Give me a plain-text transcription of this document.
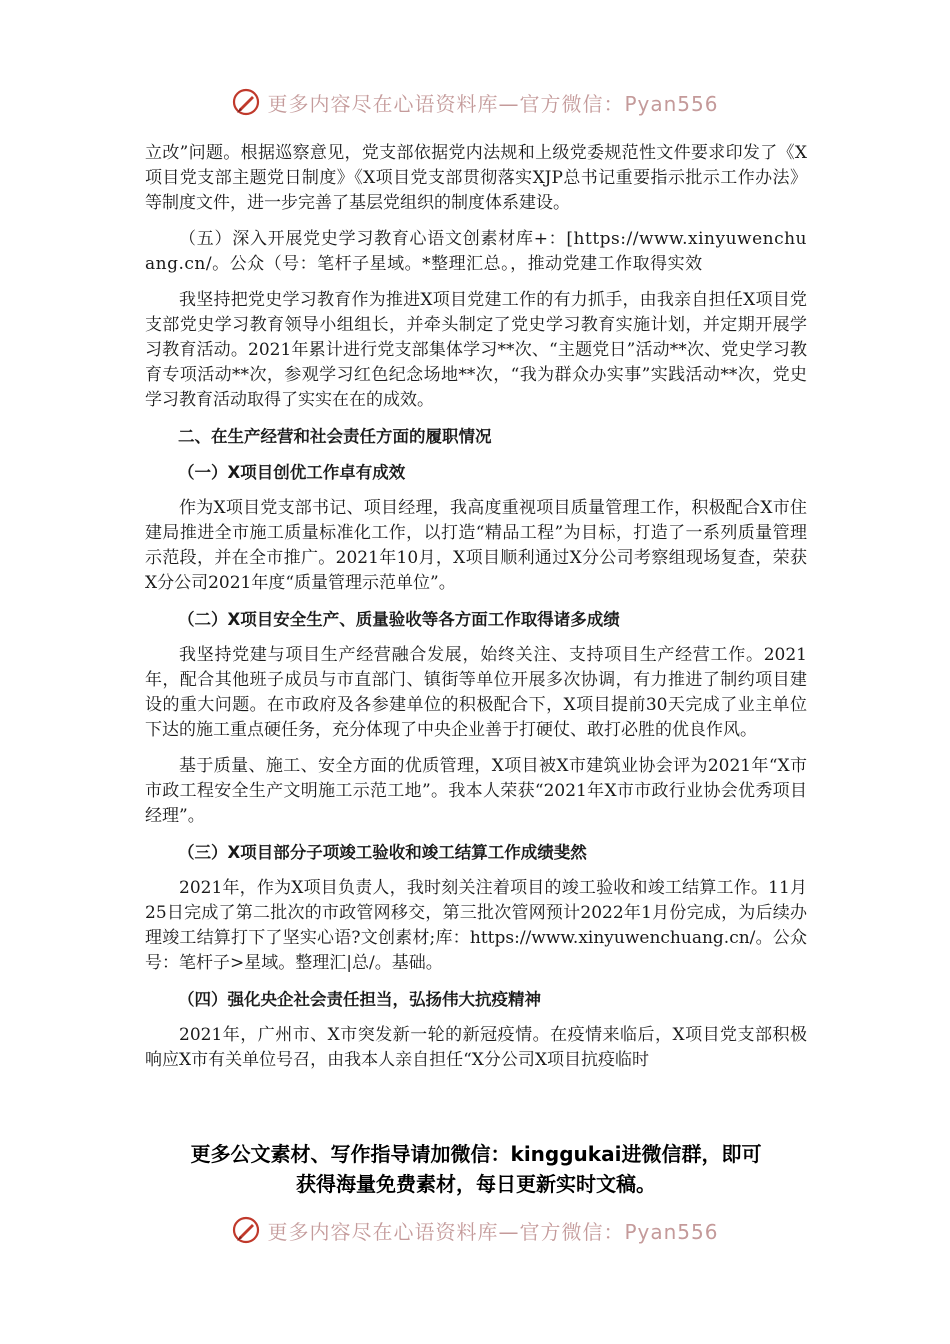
更多内容尽在心语资料库—官方微信：Pyan556

立改”问题。根据巡察意见，党支部依据党内法规和上级党委规范性文件要求印发了《X项目党支部主题党日制度》《X项目党支部贯彻落实XJP总书记重要指示批示工作办法》等制度文件，进一步完善了基层党组织的制度体系建设。

（五）深入开展党史学习教育心语文创素材库+：[https://www.xinyuwenchuang.cn/。公众（号：笔杆子星域。*整理汇总。，推动党建工作取得实效

我坚持把党史学习教育作为推进X项目党建工作的有力抓手，由我亲自担任X项目党支部党史学习教育领导小组组长，并牵头制定了党史学习教育实施计划，并定期开展学习教育活动。2021年累计进行党支部集体学习**次、“主题党日”活动**次、党史学习教育专项活动**次，参观学习红色纪念场地**次，“我为群众办实事”实践活动**次，党史学习教育活动取得了实实在在的成效。

二、在生产经营和社会责任方面的履职情况

（一）X项目创优工作卓有成效

作为X项目党支部书记、项目经理，我高度重视项目质量管理工作，积极配合X市住建局推进全市施工质量标准化工作，以打造“精品工程”为目标，打造了一系列质量管理示范段，并在全市推广。2021年10月，X项目顺利通过X分公司考察组现场复查，荣获X分公司2021年度“质量管理示范单位”。

（二）X项目安全生产、质量验收等各方面工作取得诸多成绩

我坚持党建与项目生产经营融合发展，始终关注、支持项目生产经营工作。2021年，配合其他班子成员与市直部门、镇街等单位开展多次协调，有力推进了制约项目建设的重大问题。在市政府及各参建单位的积极配合下，X项目提前30天完成了业主单位下达的施工重点硬任务，充分体现了中央企业善于打硬仗、敢打必胜的优良作风。

基于质量、施工、安全方面的优质管理，X项目被X市建筑业协会评为2021年“X市市政工程安全生产文明施工示范工地”。我本人荣获“2021年X市市政行业协会优秀项目经理”。

（三）X项目部分子项竣工验收和竣工结算工作成绩斐然

2021年，作为X项目负责人，我时刻关注着项目的竣工验收和竣工结算工作。11月25日完成了第二批次的市政管网移交，第三批次管网预计2022年1月份完成，为后续办理竣工结算打下了坚实心语?文创素材;库：https://www.xinyuwenchuang.cn/。公众号：笔杆子>星域。整理汇|总/。基础。

（四）强化央企社会责任担当，弘扬伟大抗疫精神

2021年，广州市、X市突发新一轮的新冠疫情。在疫情来临后，X项目党支部积极响应X市有关单位号召，由我本人亲自担任“X分公司X项目抗疫临时

更多公文素材、写作指导请加微信：kinggukai进微信群，即可
获得海量免费素材，每日更新实时文稿。
更多内容尽在心语资料库—官方微信：Pyan556
